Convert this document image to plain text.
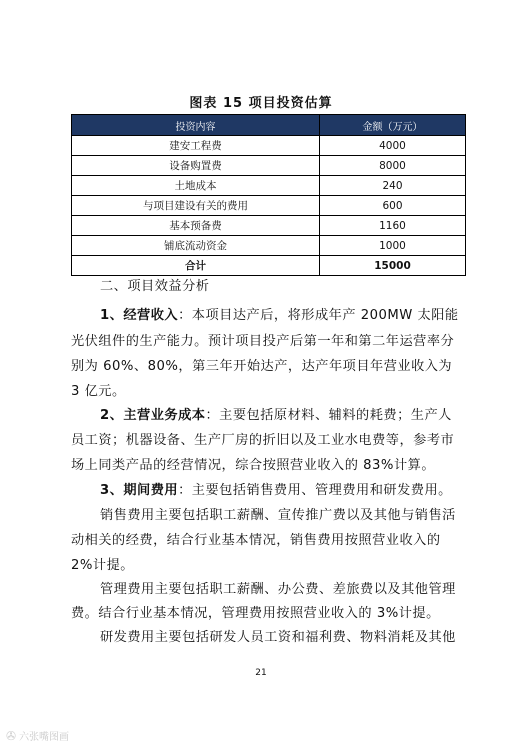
图表 15 项目投资估算
投资内容	金额（万元）
建安工程费	4000
设备购置费	8000
土地成本	240
与项目建设有关的费用	600
基本预备费	1160
铺底流动资金	1000
合计	15000
二、项目效益分析
1、经营收入：本项目达产后，将形成年产 200MW 太阳能
光伏组件的生产能力。预计项目投产后第一年和第二年运营率分
别为 60%、80%，第三年开始达产，达产年项目年营业收入为
3 亿元。
2、主营业务成本：主要包括原材料、辅料的耗费；生产人
员工资；机器设备、生产厂房的折旧以及工业水电费等，参考市
场上同类产品的经营情况，综合按照营业收入的 83%计算。
3、期间费用：主要包括销售费用、管理费用和研发费用。
销售费用主要包括职工薪酬、宣传推广费以及其他与销售活
动相关的经费，结合行业基本情况，销售费用按照营业收入的
2%计提。
管理费用主要包括职工薪酬、办公费、差旅费以及其他管理
费。结合行业基本情况，管理费用按照营业收入的 3%计提。
研发费用主要包括研发人员工资和福利费、物料消耗及其他
21
✇ 六张嘴图画
